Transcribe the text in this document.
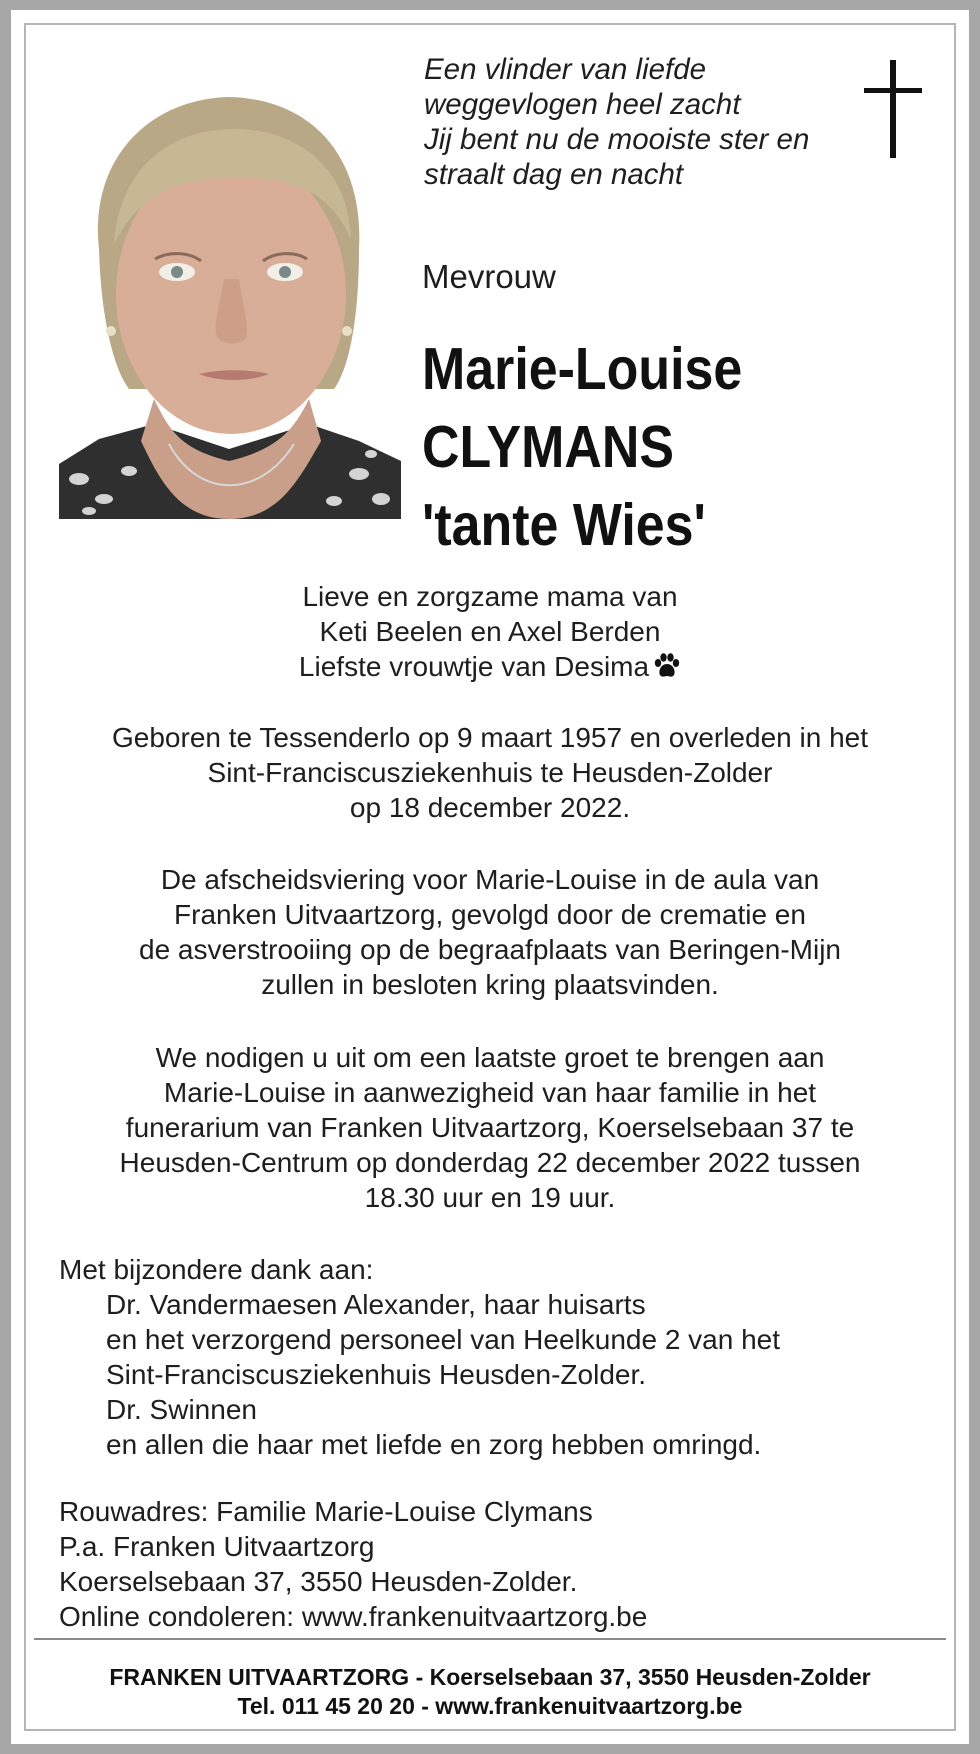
Een vlinder van liefde
weggevlogen heel zacht
Jij bent nu de mooiste ster en
straalt dag en nacht
Mevrouw
Marie-Louise
CLYMANS
'tante Wies'
Lieve en zorgzame mama van
Keti Beelen en Axel Berden
Liefste vrouwtje van Desima
Geboren te Tessenderlo op 9 maart 1957 en overleden in het
Sint-Franciscusziekenhuis te Heusden-Zolder
op 18 december 2022.
De afscheidsviering voor Marie-Louise in de aula van
Franken Uitvaartzorg, gevolgd door de crematie en
de asverstrooiing op de begraafplaats van Beringen-Mijn
zullen in besloten kring plaatsvinden.
We nodigen u uit om een laatste groet te brengen aan
Marie-Louise in aanwezigheid van haar familie in het
funerarium van Franken Uitvaartzorg, Koerselsebaan 37 te
Heusden-Centrum op donderdag 22 december 2022 tussen
18.30 uur en 19 uur.
Met bijzondere dank aan:
Dr. Vandermaesen Alexander, haar huisarts
en het verzorgend personeel van Heelkunde 2 van het
Sint-Franciscusziekenhuis Heusden-Zolder.
Dr. Swinnen
en allen die haar met liefde en zorg hebben omringd.
Rouwadres: Familie Marie-Louise Clymans
P.a. Franken Uitvaartzorg
Koerselsebaan 37, 3550 Heusden-Zolder.
Online condoleren: www.frankenuitvaartzorg.be
FRANKEN UITVAARTZORG - Koerselsebaan 37, 3550 Heusden-Zolder
Tel. 011 45 20 20 - www.frankenuitvaartzorg.be
